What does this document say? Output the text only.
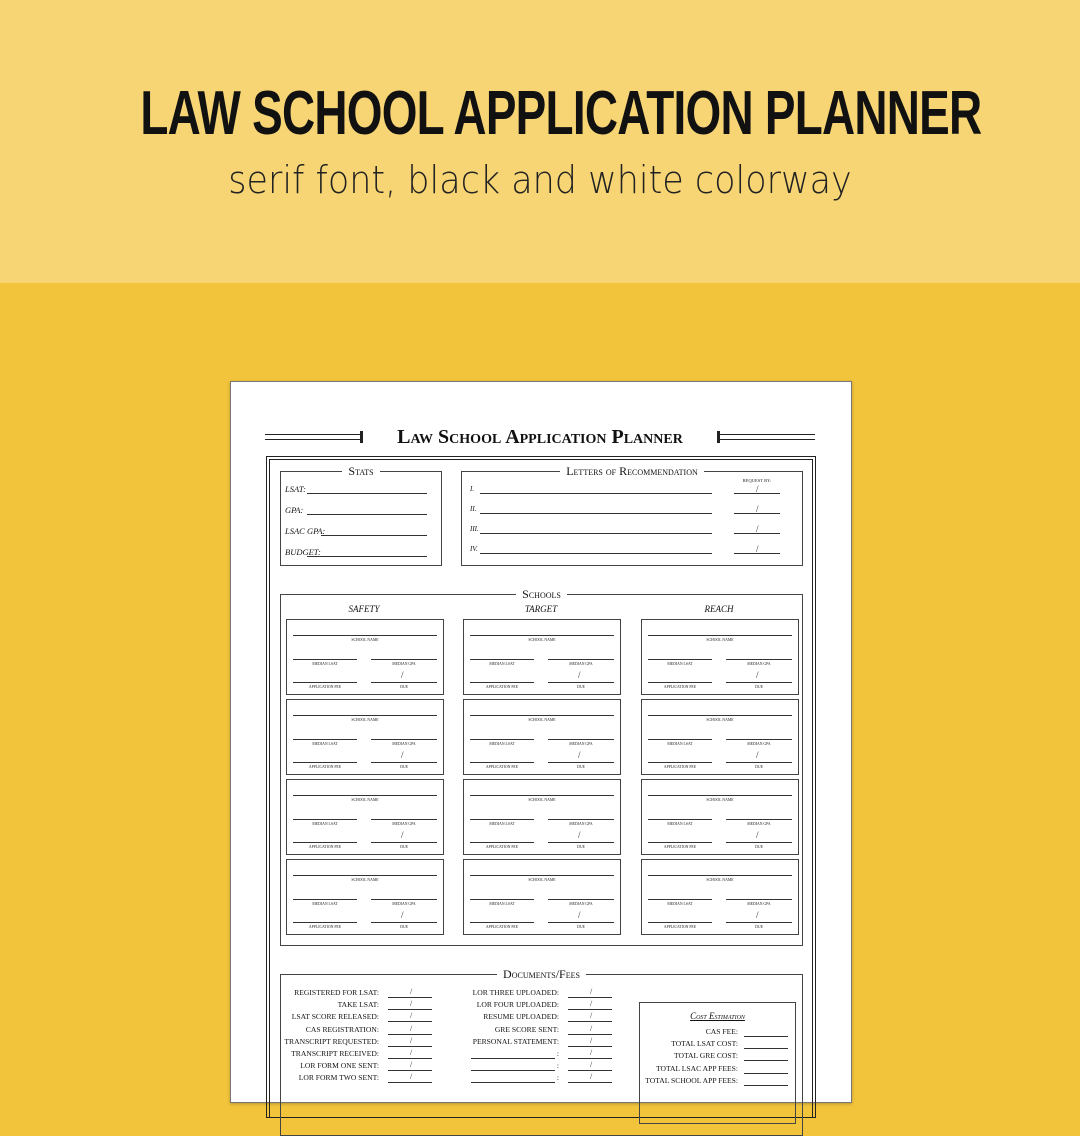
LAW SCHOOL APPLICATION PLANNER
serif font, black and white colorway
Law School Application Planner
Stats
LSAT:
GPA:
LSAC GPA:
BUDGET:
Letters of Recommendation
REQUEST BY:
I.	/
II.	/
III.	/
IV.	/
Schools
SAFETY
SCHOOL NAME
MEDIAN LSAT	MEDIAN GPA
/
APPLICATION FEE	DUE
SCHOOL NAME
MEDIAN LSAT	MEDIAN GPA
/
APPLICATION FEE	DUE
SCHOOL NAME
MEDIAN LSAT	MEDIAN GPA
/
APPLICATION FEE	DUE
SCHOOL NAME
MEDIAN LSAT	MEDIAN GPA
/
APPLICATION FEE	DUE
TARGET
SCHOOL NAME
MEDIAN LSAT	MEDIAN GPA
/
APPLICATION FEE	DUE
SCHOOL NAME
MEDIAN LSAT	MEDIAN GPA
/
APPLICATION FEE	DUE
SCHOOL NAME
MEDIAN LSAT	MEDIAN GPA
/
APPLICATION FEE	DUE
SCHOOL NAME
MEDIAN LSAT	MEDIAN GPA
/
APPLICATION FEE	DUE
REACH
SCHOOL NAME
MEDIAN LSAT	MEDIAN GPA
/
APPLICATION FEE	DUE
SCHOOL NAME
MEDIAN LSAT	MEDIAN GPA
/
APPLICATION FEE	DUE
SCHOOL NAME
MEDIAN LSAT	MEDIAN GPA
/
APPLICATION FEE	DUE
SCHOOL NAME
MEDIAN LSAT	MEDIAN GPA
/
APPLICATION FEE	DUE
Documents/Fees
REGISTERED FOR LSAT:	/
TAKE LSAT:	/
LSAT SCORE RELEASED:	/
CAS REGISTRATION:	/
TRANSCRIPT REQUESTED:	/
TRANSCRIPT RECEIVED:	/
LOR FORM ONE SENT:	/
LOR FORM TWO SENT:	/
LOR THREE UPLOADED:	/
LOR FOUR UPLOADED:	/
RESUME UPLOADED:	/
GRE SCORE SENT:	/
PERSONAL STATEMENT:	/
:	/
:	/
:	/
Cost Estimation
CAS FEE:
TOTAL LSAT COST:
TOTAL GRE COST:
TOTAL LSAC APP FEES:
TOTAL SCHOOL APP FEES:
